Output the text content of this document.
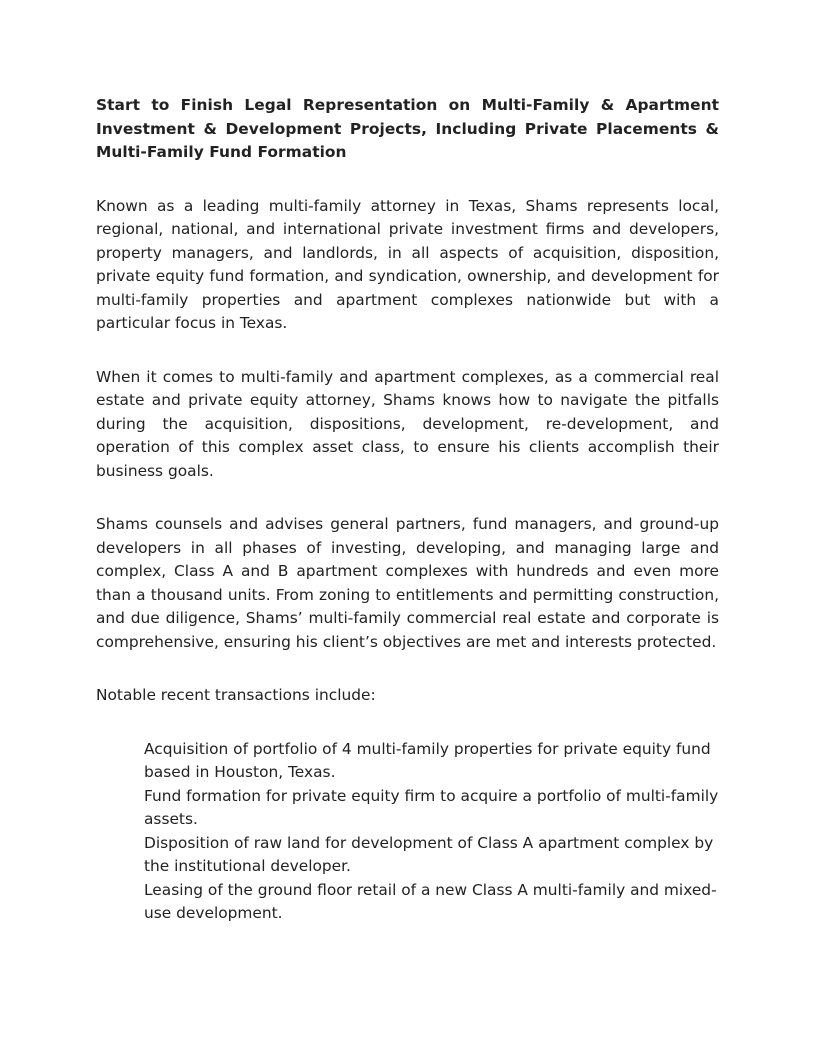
Start to Finish Legal Representation on Multi-Family & Apartment Investment & Development Projects, Including Private Placements & Multi-Family Fund Formation

Known as a leading multi-family attorney in Texas, Shams represents local, regional, national, and international private investment firms and developers, property managers, and landlords, in all aspects of acquisition, disposition, private equity fund formation, and syndication, ownership, and development for multi-family properties and apartment complexes nationwide but with a particular focus in Texas.

When it comes to multi-family and apartment complexes, as a commercial real estate and private equity attorney, Shams knows how to navigate the pitfalls during the acquisition, dispositions, development, re-development, and operation of this complex asset class, to ensure his clients accomplish their business goals.

Shams counsels and advises general partners, fund managers, and ground-up developers in all phases of investing, developing, and managing large and complex, Class A and B apartment complexes with hundreds and even more than a thousand units. From zoning to entitlements and permitting construction, and due diligence, Shams’ multi-family commercial real estate and corporate is comprehensive, ensuring his client’s objectives are met and interests protected.

Notable recent transactions include:

Acquisition of portfolio of 4 multi-family properties for private equity fund based in Houston, Texas.
Fund formation for private equity firm to acquire a portfolio of multi-family assets.
Disposition of raw land for development of Class A apartment complex by the institutional developer.
Leasing of the ground floor retail of a new Class A multi-family and mixed-use development.
